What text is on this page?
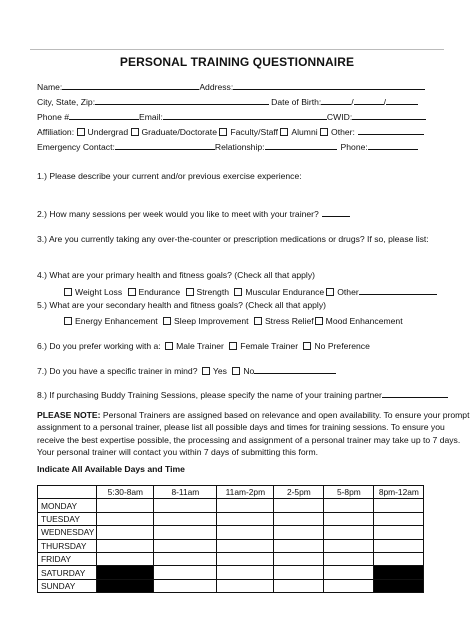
PERSONAL TRAINING QUESTIONNAIRE
Name:	Address:
City, State, Zip:	Date of Birth:	/	/
Phone #	Email:	CWID:
Affiliation: Undergrad Graduate/Doctorate Faculty/Staff Alumni Other:
Emergency Contact:	Relationship:	Phone:
1.) Please describe your current and/or previous exercise experience:
2.) How many sessions per week would you like to meet with your trainer?
3.) Are you currently taking any over-the-counter or prescription medications or drugs? If so, please list:
4.) What are your primary health and fitness goals? (Check all that apply)
Weight Loss Endurance Strength Muscular Endurance Other
5.) What are your secondary health and fitness goals? (Check all that apply)
Energy Enhancement Sleep Improvement Stress Relief Mood Enhancement
6.) Do you prefer working with a: Male Trainer Female Trainer No Preference
7.) Do you have a specific trainer in mind? Yes No
8.) If purchasing Buddy Training Sessions, please specify the name of your training partner
PLEASE NOTE: Personal Trainers are assigned based on relevance and open availability. To ensure your prompt
assignment to a personal trainer, please list all possible days and times for training sessions. To ensure you
receive the best expertise possible, the processing and assignment of a personal trainer may take up to 7 days.
Your personal trainer will contact you within 7 days of submitting this form.
Indicate All Available Days and Time
	5:30-8am	8-11am	11am-2pm	2-5pm	5-8pm	8pm-12am
MONDAY						
TUESDAY						
WEDNESDAY						
THURSDAY						
FRIDAY						
SATURDAY						
SUNDAY						
